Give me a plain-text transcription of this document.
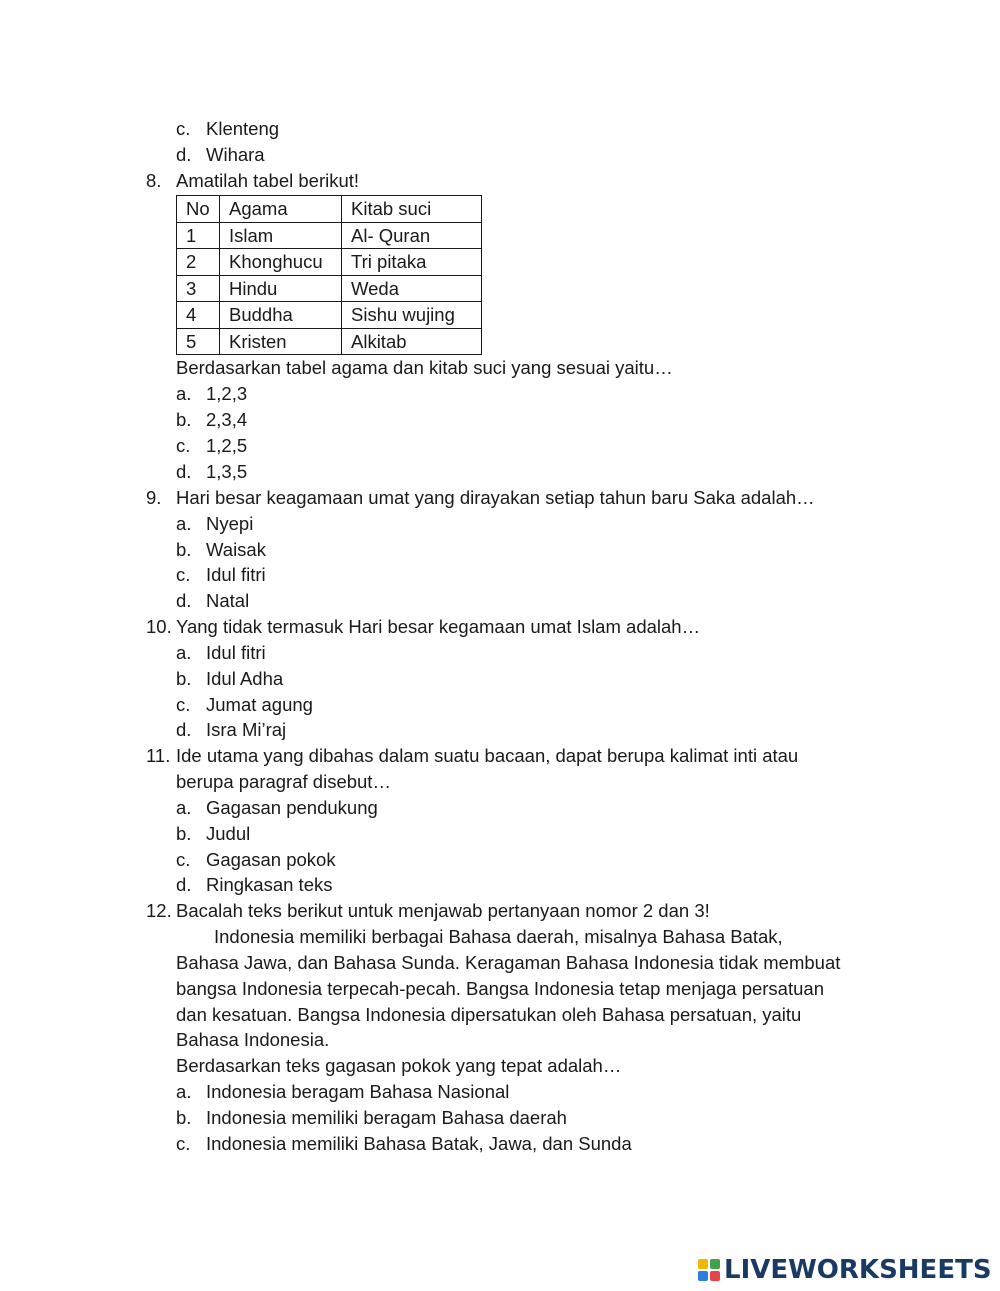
c. Klenteng
d. Wihara
8. Amatilah tabel berikut!
No	Agama	Kitab suci
1	Islam	Al- Quran
2	Khonghucu	Tri pitaka
3	Hindu	Weda
4	Buddha	Sishu wujing
5	Kristen	Alkitab
Berdasarkan tabel agama dan kitab suci yang sesuai yaitu…
a. 1,2,3
b. 2,3,4
c. 1,2,5
d. 1,3,5
9. Hari besar keagamaan umat yang dirayakan setiap tahun baru Saka adalah…
a. Nyepi
b. Waisak
c. Idul fitri
d. Natal
10. Yang tidak termasuk Hari besar kegamaan umat Islam adalah…
a. Idul fitri
b. Idul Adha
c. Jumat agung
d. Isra Mi’raj
11. Ide utama yang dibahas dalam suatu bacaan, dapat berupa kalimat inti atau
berupa paragraf disebut…
a. Gagasan pendukung
b. Judul
c. Gagasan pokok
d. Ringkasan teks
12. Bacalah teks berikut untuk menjawab pertanyaan nomor 2 dan 3!
Indonesia memiliki berbagai Bahasa daerah, misalnya Bahasa Batak,
Bahasa Jawa, dan Bahasa Sunda. Keragaman Bahasa Indonesia tidak membuat
bangsa Indonesia terpecah-pecah. Bangsa Indonesia tetap menjaga persatuan
dan kesatuan. Bangsa Indonesia dipersatukan oleh Bahasa persatuan, yaitu
Bahasa Indonesia.
Berdasarkan teks gagasan pokok yang tepat adalah…
a. Indonesia beragam Bahasa Nasional
b. Indonesia memiliki beragam Bahasa daerah
c. Indonesia memiliki Bahasa Batak, Jawa, dan Sunda
LIVEWORKSHEETS
